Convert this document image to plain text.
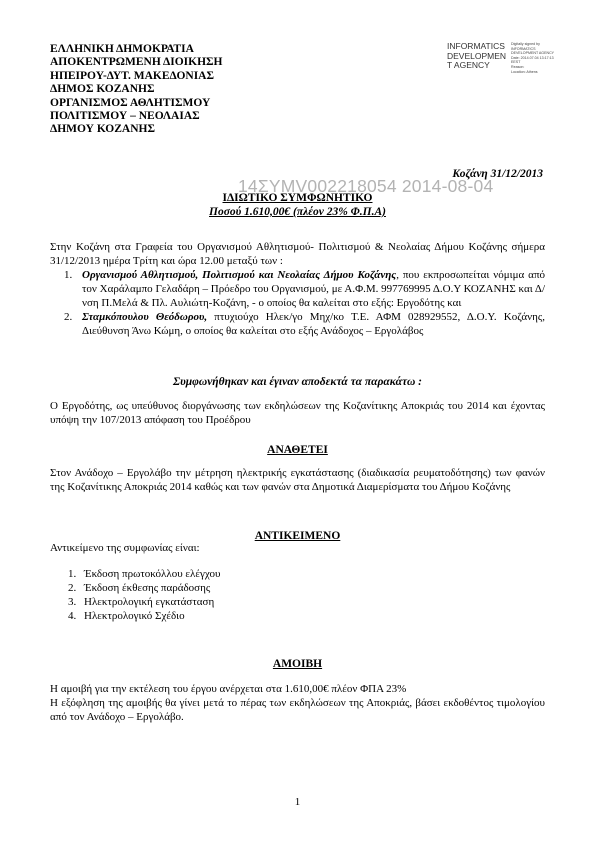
ΕΛΛΗΝΙΚΗ ΔΗΜΟΚΡΑΤΙΑ
ΑΠΟΚΕΝΤΡΩΜΕΝΗ ΔΙΟΙΚΗΣΗ
ΗΠΕΙΡΟΥ-ΔΥΤ. ΜΑΚΕΔΟΝΙΑΣ
ΔΗΜΟΣ ΚΟΖΑΝΗΣ
ΟΡΓΑΝΙΣΜΟΣ ΑΘΛΗΤΙΣΜΟΥ
ΠΟΛΙΤΙΣΜΟΥ – ΝΕΟΛΑΙΑΣ
ΔΗΜΟΥ ΚΟΖΑΝΗΣ
INFORMATICS DEVELOPMEN T AGENCY
Digitally signed by
INFORMATICS
DEVELOPMENT AGENCY
Date: 2014.07.04 13:17:13
EEST
Reason:
Location: Athens
Κοζάνη 31/12/2013
14ΣΥΜV002218054 2014-08-04
ΙΔΙΩΤΙΚΟ ΣΥΜΦΩΝΗΤΙΚΟ
Ποσού 1.610,00€ (πλέον 23% Φ.Π.Α)
Στην Κοζάνη στα Γραφεία του Οργανισμού Αθλητισμού- Πολιτισμού & Νεολαίας Δήμου Κοζάνης σήμερα 31/12/2013 ημέρα Τρίτη και ώρα 12.00 μεταξύ των :
1. Οργανισμού Αθλητισμού, Πολιτισμού και Νεολαίας Δήμου Κοζάνης, που εκπροσωπείται νόμιμα από τον Χαράλαμπο Γελαδάρη – Πρόεδρο του Οργανισμού, με Α.Φ.Μ. 997769995 Δ.Ο.Υ ΚΟΖΑΝΗΣ και Δ/νση Π.Μελά & Πλ. Αυλιώτη-Κοζάνη, - ο οποίος θα καλείται στο εξής: Εργοδότης και
2. Σταμκόπουλου Θεόδωρου, πτυχιούχο Ηλεκ/γο Μηχ/κο Τ.Ε. ΑΦΜ 028929552, Δ.Ο.Υ. Κοζάνης, Διεύθυνση Άνω Κώμη, ο οποίος θα καλείται στο εξής Ανάδοχος – Εργολάβος
Συμφωνήθηκαν και έγιναν αποδεκτά τα παρακάτω :
Ο Εργοδότης, ως υπεύθυνος διοργάνωσης των εκδηλώσεων της Κοζανίτικης Αποκριάς του 2014 και έχοντας υπόψη την 107/2013 απόφαση του Προέδρου
ΑΝΑΘΕΤΕΙ
Στον Ανάδοχο – Εργολάβο την μέτρηση ηλεκτρικής εγκατάστασης (διαδικασία ρευματοδότησης) των φανών της Κοζανίτικης Αποκριάς 2014 καθώς και των φανών στα Δημοτικά Διαμερίσματα του Δήμου Κοζάνης
ΑΝΤΙΚΕΙΜΕΝΟ
Αντικείμενο της συμφωνίας είναι:
1. Έκδοση πρωτοκόλλου ελέγχου
2. Έκδοση έκθεσης παράδοσης
3. Ηλεκτρολογική εγκατάσταση
4. Ηλεκτρολογικό Σχέδιο
ΑΜΟΙΒΗ
Η αμοιβή για την εκτέλεση του έργου ανέρχεται στα 1.610,00€ πλέον ΦΠΑ 23%
Η εξόφληση της αμοιβής θα γίνει μετά το πέρας των εκδηλώσεων της Αποκριάς, βάσει εκδοθέντος τιμολογίου από τον Ανάδοχο – Εργολάβο.
1
